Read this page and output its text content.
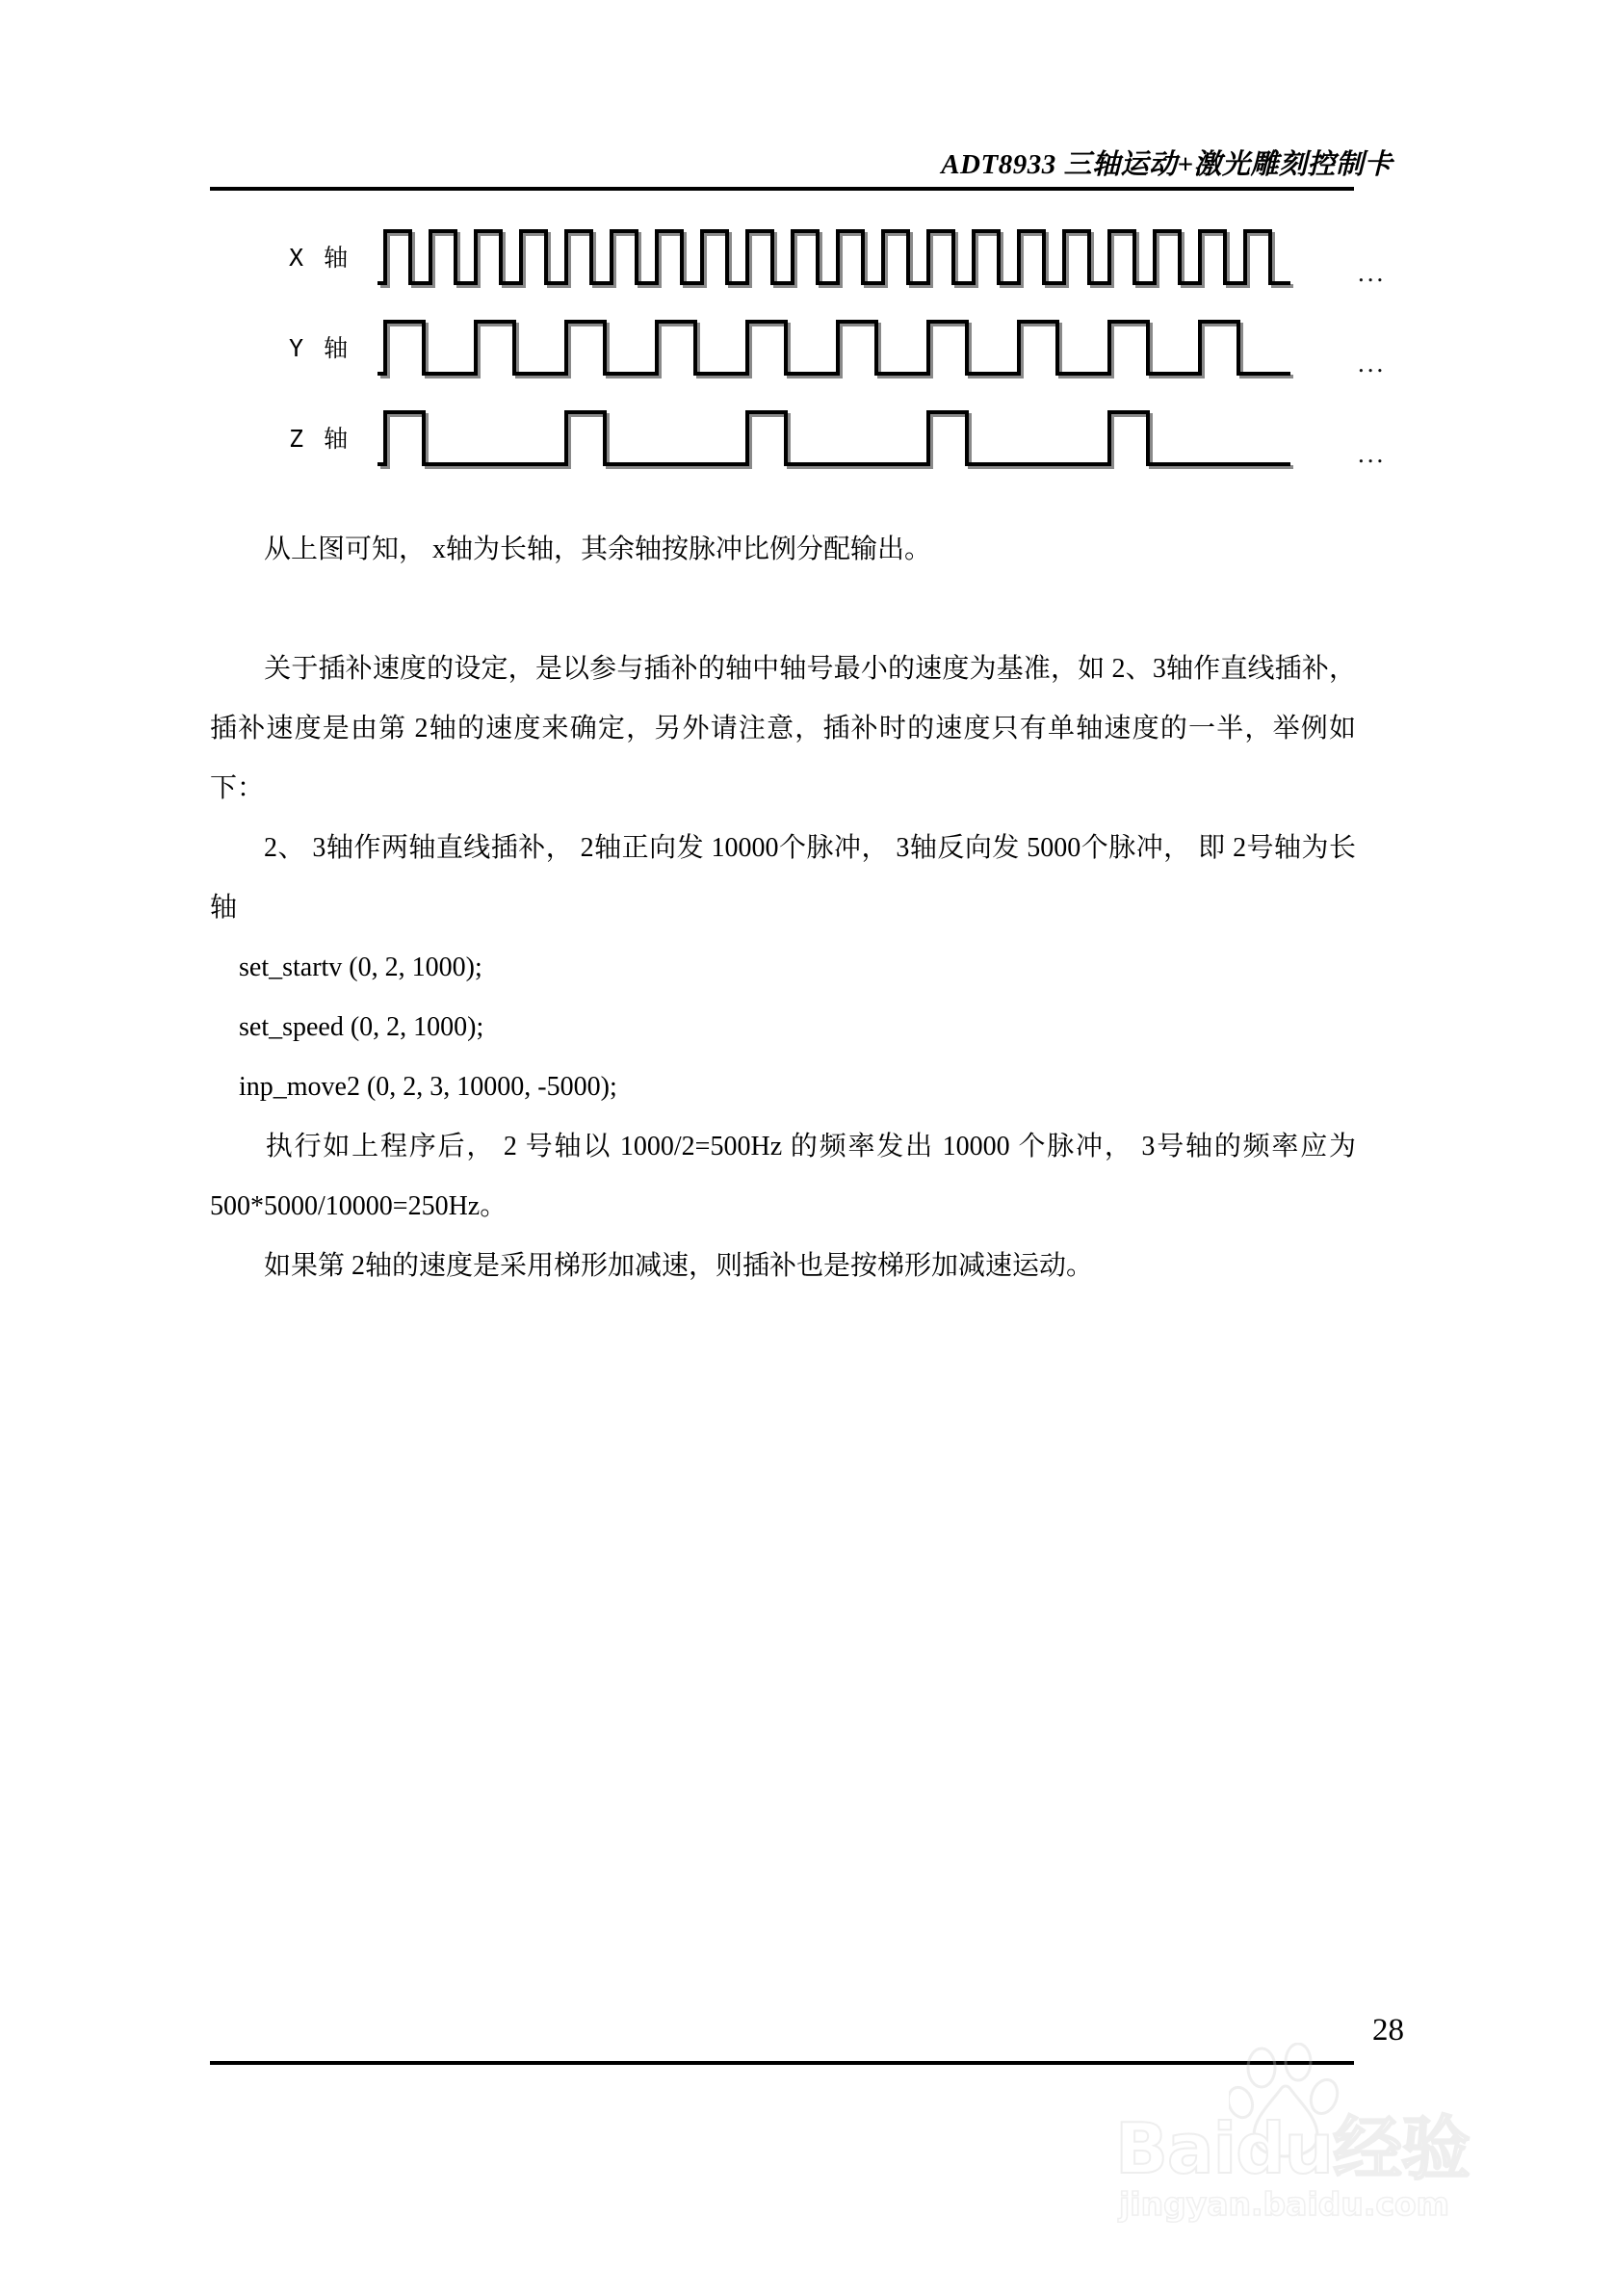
ADT8933 三轴运动+激光雕刻控制卡
X 轴
...
Y 轴
...
Z 轴
...

从上图可知， x轴为长轴，其余轴按脉冲比例分配输出。

关于插补速度的设定，是以参与插补的轴中轴号最小的速度为基准，如 2、3轴作直线插补，插补速度是由第 2轴的速度来确定，另外请注意，插补时的速度只有单轴速度的一半，举例如下：

2、 3轴作两轴直线插补， 2轴正向发 10000个脉冲， 3轴反向发 5000个脉冲， 即 2号轴为长轴

set_startv (0, 2, 1000);

set_speed (0, 2, 1000);

inp_move2 (0, 2, 3, 10000, -5000);

执行如上程序后， 2 号轴以 1000/2=500Hz 的频率发出 10000 个脉冲， 3号轴的频率应为 500*5000/10000=250Hz。

如果第 2轴的速度是采用梯形加减速，则插补也是按梯形加减速运动。

28
Baidu经验
jingyan.baidu.com
